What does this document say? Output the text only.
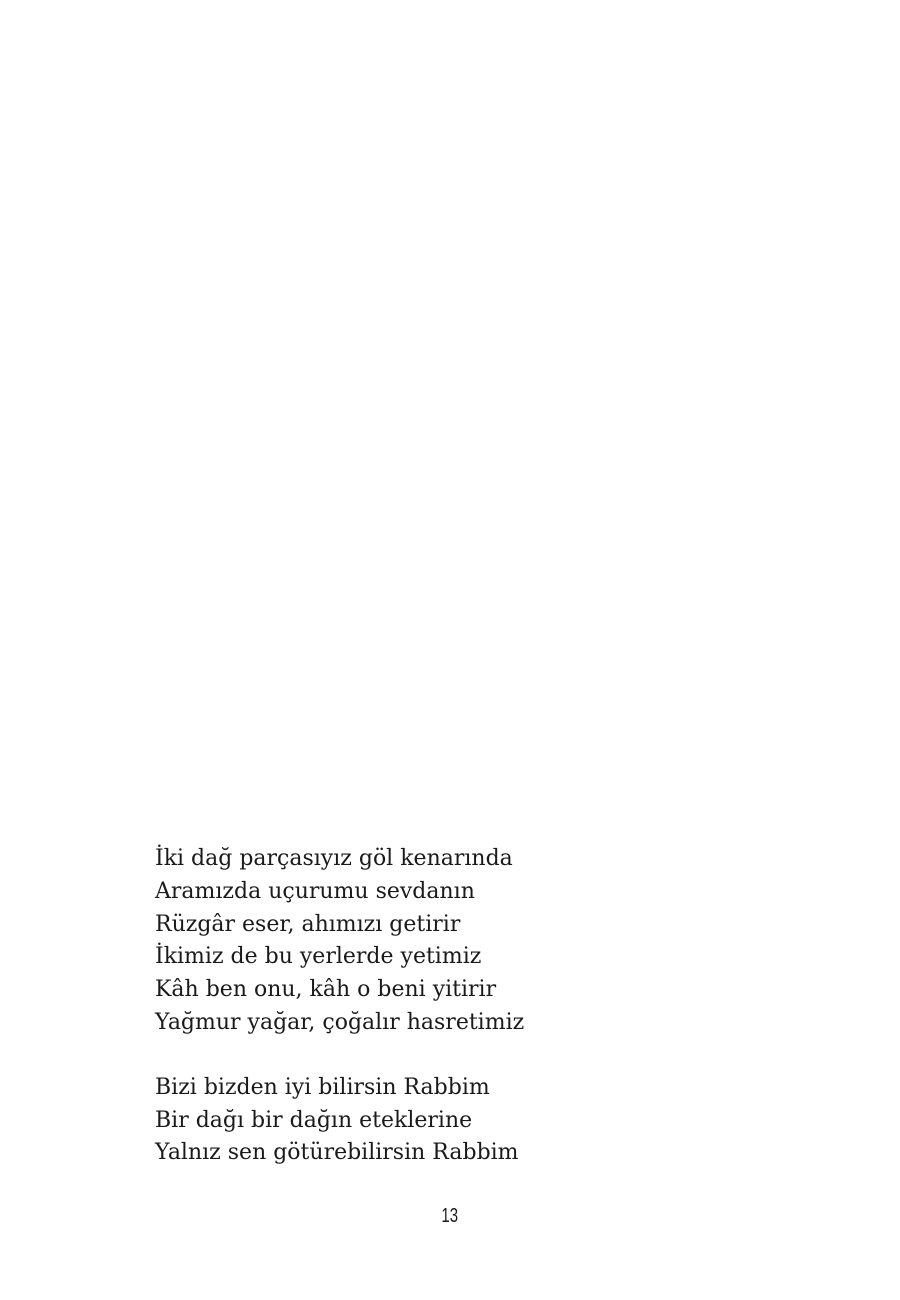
İki dağ parçasıyız göl kenarında
Aramızda uçurumu sevdanın
Rüzgâr eser, ahımızı getirir
İkimiz de bu yerlerde yetimiz
Kâh ben onu, kâh o beni yitirir
Yağmur yağar, çoğalır hasretimiz
Bizi bizden iyi bilirsin Rabbim
Bir dağı bir dağın eteklerine
Yalnız sen götürebilirsin Rabbim
13
